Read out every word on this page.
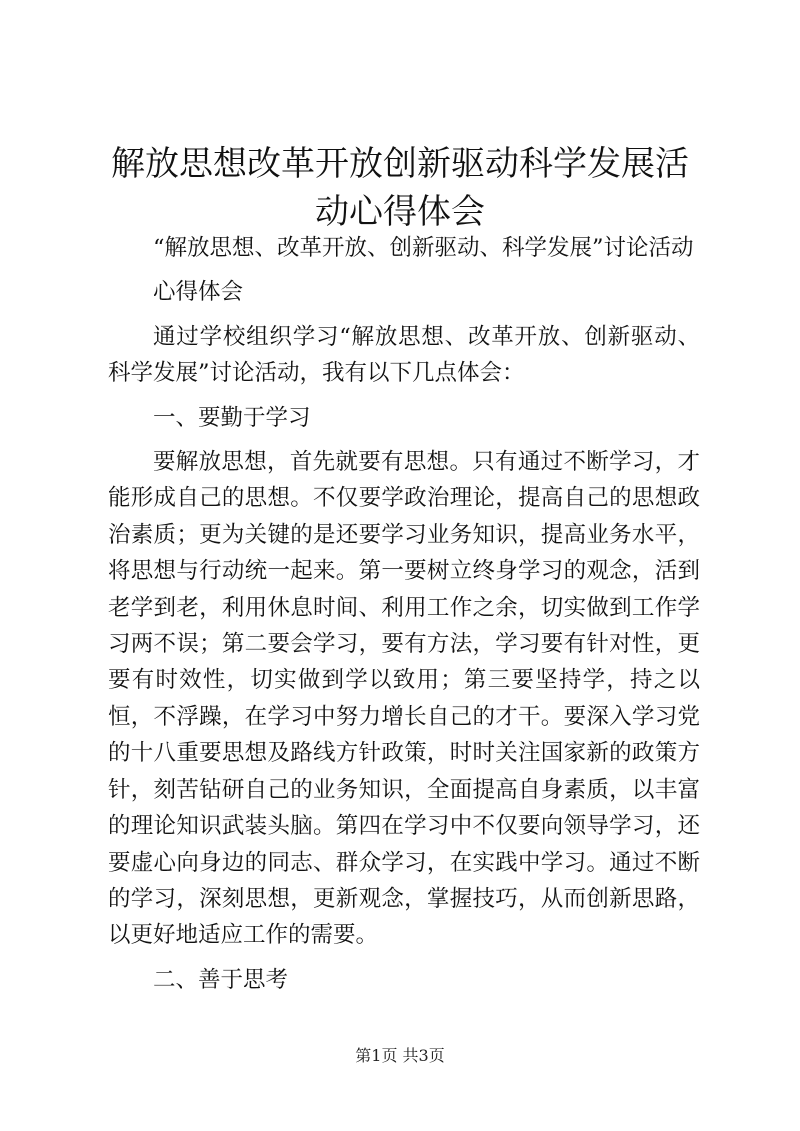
解放思想改革开放创新驱动科学发展活动心得体会

“解放思想、改革开放、创新驱动、科学发展”讨论活动

心得体会

通过学校组织学习“解放思想、改革开放、创新驱动、科学发展”讨论活动，我有以下几点体会：

一、要勤于学习

要解放思想，首先就要有思想。只有通过不断学习，才能形成自己的思想。不仅要学政治理论，提高自己的思想政治素质；更为关键的是还要学习业务知识，提高业务水平，将思想与行动统一起来。第一要树立终身学习的观念，活到老学到老，利用休息时间、利用工作之余，切实做到工作学习两不误；第二要会学习，要有方法，学习要有针对性，更要有时效性，切实做到学以致用；第三要坚持学，持之以恒，不浮躁，在学习中努力增长自己的才干。要深入学习党的十八重要思想及路线方针政策，时时关注国家新的政策方针，刻苦钻研自己的业务知识，全面提高自身素质，以丰富的理论知识武装头脑。第四在学习中不仅要向领导学习，还要虚心向身边的同志、群众学习，在实践中学习。通过不断的学习，深刻思想，更新观念，掌握技巧，从而创新思路，以更好地适应工作的需要。

二、善于思考

第1页 共3页
